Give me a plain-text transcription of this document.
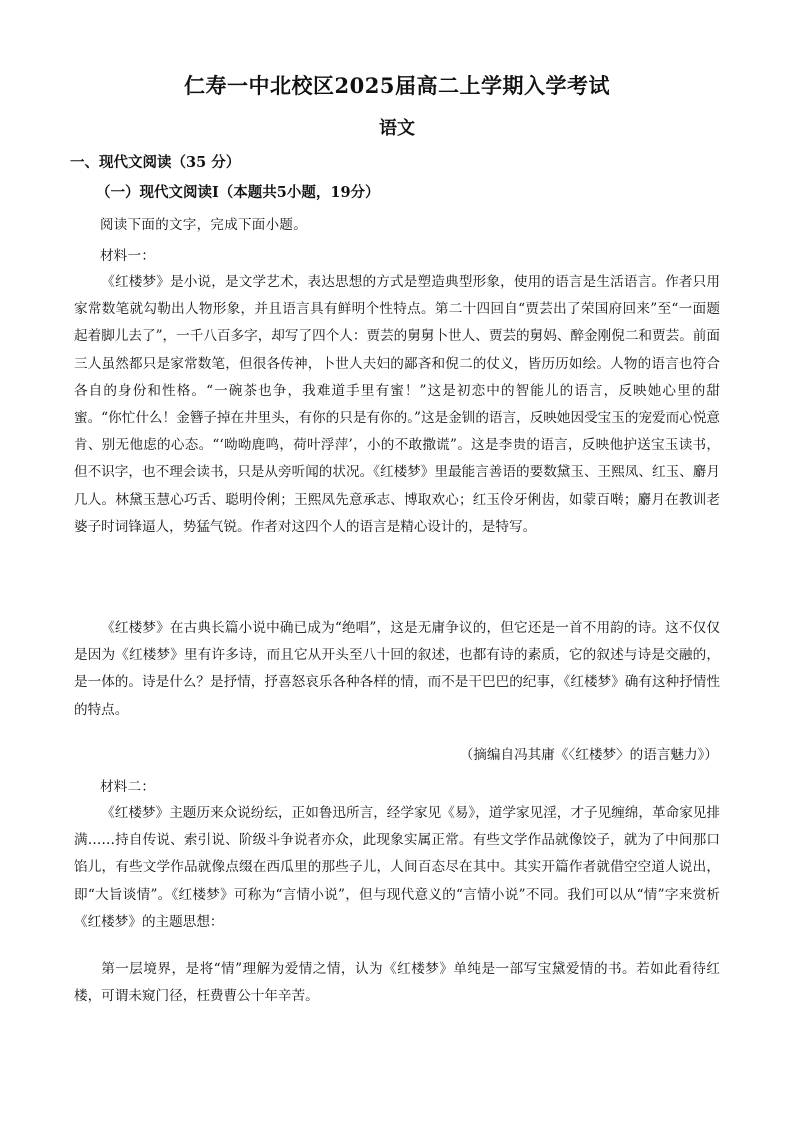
仁寿一中北校区2025届高二上学期入学考试
语文
一、现代文阅读（35 分）
（一）现代文阅读Ⅰ（本题共5小题，19分）
阅读下面的文字，完成下面小题。
材料一：

《红楼梦》是小说，是文学艺术，表达思想的方式是塑造典型形象，使用的语言是生活语言。作者只用家常数笔就勾勒出人物形象，并且语言具有鲜明个性特点。第二十四回自“贾芸出了荣国府回来”至“一面题起着脚儿去了”，一千八百多字，却写了四个人：贾芸的舅舅卜世人、贾芸的舅妈、醉金刚倪二和贾芸。前面三人虽然都只是家常数笔，但很各传神，卜世人夫妇的鄙吝和倪二的仗义，皆历历如绘。人物的语言也符合各自的身份和性格。“一碗茶也争，我难道手里有蜜！”这是初恋中的智能儿的语言，反映她心里的甜蜜。“你忙什么！金簪子掉在井里头，有你的只是有你的。”这是金钏的语言，反映她因受宝玉的宠爱而心悦意肯、别无他虑的心态。“‘呦呦鹿鸣，荷叶浮萍’，小的不敢撒谎”。这是李贵的语言，反映他护送宝玉读书，但不识字，也不理会读书，只是从旁听闻的状况。《红楼梦》里最能言善语的要数黛玉、王熙凤、红玉、麝月几人。林黛玉慧心巧舌、聪明伶俐；王熙凤先意承志、博取欢心；红玉伶牙俐齿，如蒙百啭；麝月在教训老婆子时词锋逼人，势猛气锐。作者对这四个人的语言是精心设计的，是特写。

《红楼梦》在古典长篇小说中确已成为“绝唱”，这是无庸争议的，但它还是一首不用韵的诗。这不仅仅是因为《红楼梦》里有许多诗，而且它从开头至八十回的叙述，也都有诗的素质，它的叙述与诗是交融的，是一体的。诗是什么？是抒情，抒喜怒哀乐各种各样的情，而不是干巴巴的纪事，《红楼梦》确有这种抒情性的特点。

（摘编自冯其庸《〈红楼梦〉的语言魅力》）
材料二：

《红楼梦》主题历来众说纷纭，正如鲁迅所言，经学家见《易》，道学家见淫，才子见缠绵，革命家见排满……持自传说、索引说、阶级斗争说者亦众，此现象实属正常。有些文学作品就像饺子，就为了中间那口馅儿，有些文学作品就像点缀在西瓜里的那些子儿，人间百态尽在其中。其实开篇作者就借空空道人说出，即“大旨谈情”。《红楼梦》可称为“言情小说”，但与现代意义的“言情小说”不同。我们可以从“情”字来赏析《红楼梦》的主题思想：

第一层境界，是将“情”理解为爱情之情，认为《红楼梦》单纯是一部写宝黛爱情的书。若如此看待红楼，可谓未窥门径，枉费曹公十年辛苦。
